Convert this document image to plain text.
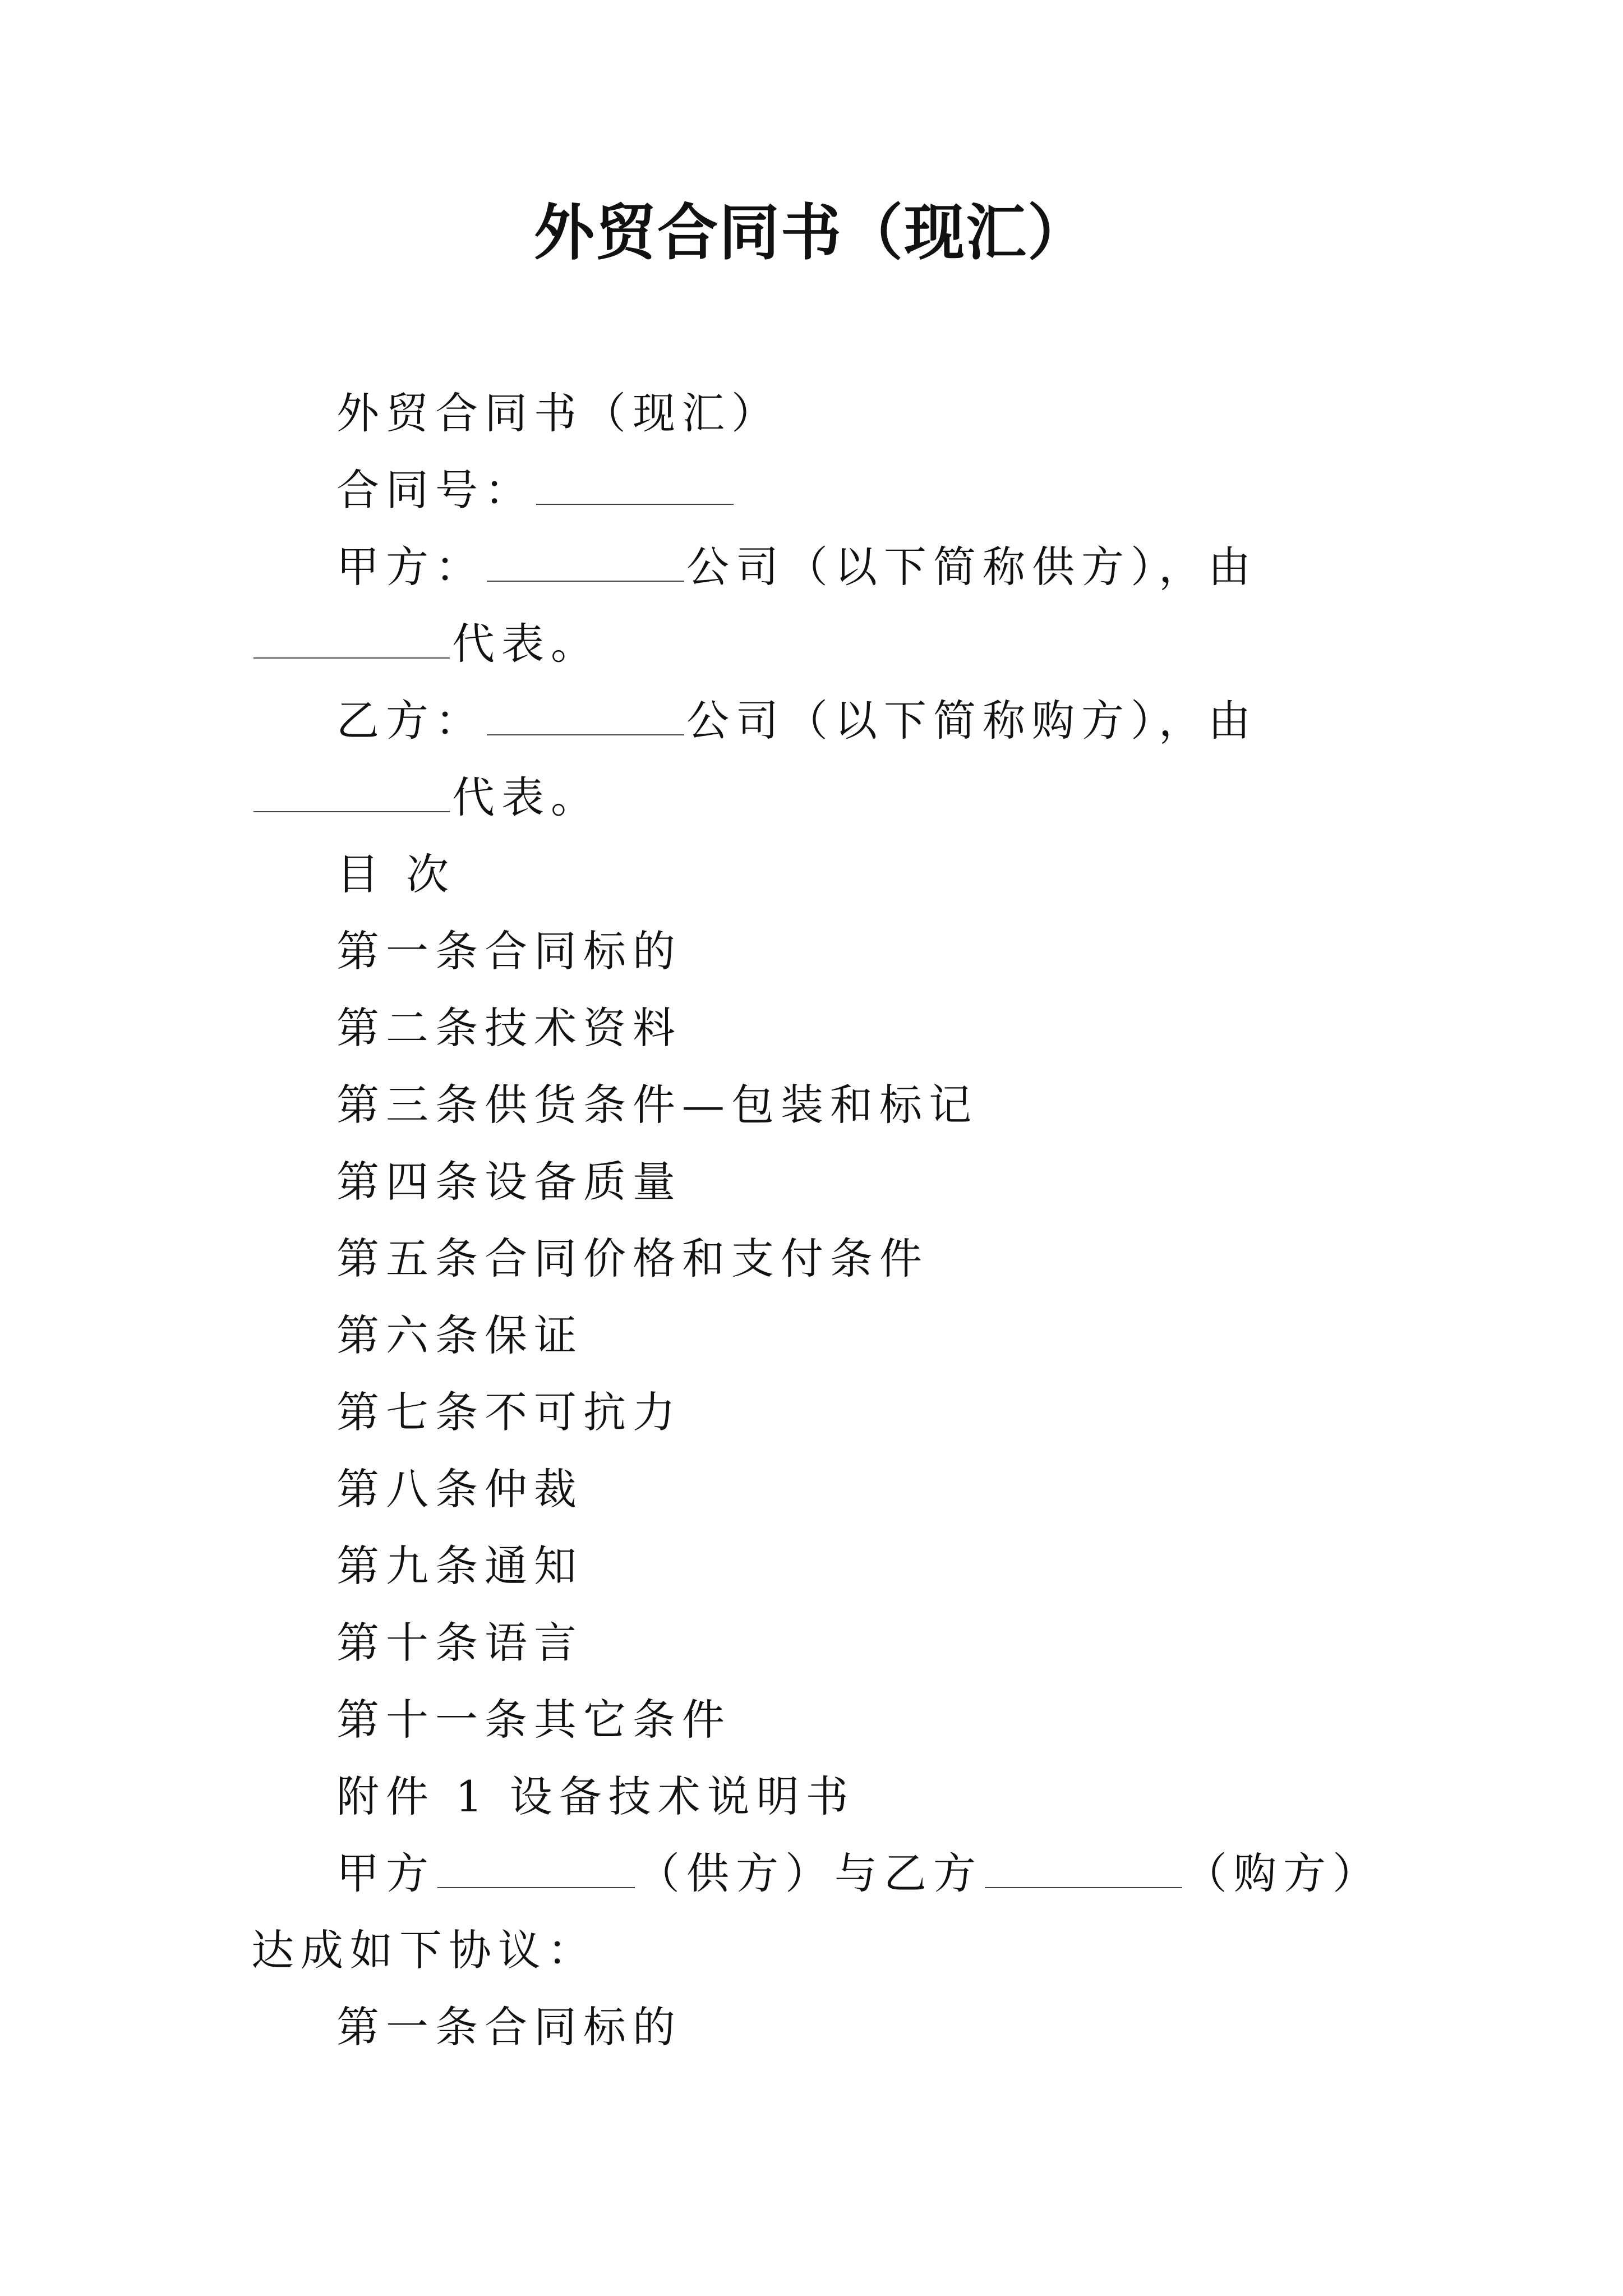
外贸合同书（现汇）

外贸合同书（现汇）

合同号：

甲方：	公司（以下简称供方），由代表。

乙方：	公司（以下简称购方），由代表。

目 次

第一条合同标的

第二条技术资料

第三条供货条件—包装和标记

第四条设备质量

第五条合同价格和支付条件

第六条保证

第七条不可抗力

第八条仲裁

第九条通知

第十条语言

第十一条其它条件

附件 1 设备技术说明书

甲方	（供方）与乙方	（购方）达成如下协议：

第一条合同标的
